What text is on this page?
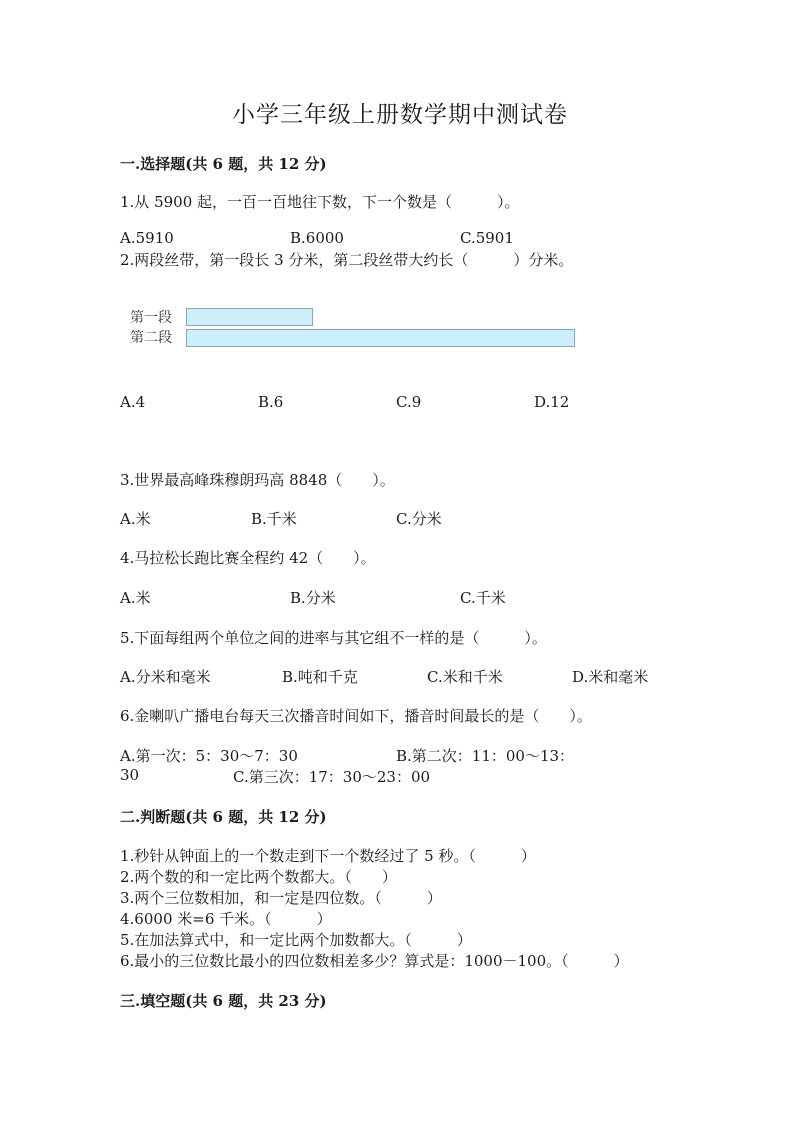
小学三年级上册数学期中测试卷
一.选择题(共 6 题，共 12 分)
1.从 5900 起，一百一百地往下数，下一个数是（　　　）。
A.5910	B.6000	C.5901
2.两段丝带，第一段长 3 分米，第二段丝带大约长（　　　）分米。
第一段
第二段
A.4	B.6	C.9	D.12
3.世界最高峰珠穆朗玛高 8848（　　）。
A.米	B.千米	C.分米
4.马拉松长跑比赛全程约 42（　　）。
A.米	B.分米	C.千米
5.下面每组两个单位之间的进率与其它组不一样的是（　　　）。
A.分米和毫米	B.吨和千克	C.米和千米	D.米和毫米
6.金喇叭广播电台每天三次播音时间如下，播音时间最长的是（　　）。
A.第一次：5：30～7：30	B.第二次：11：00～13：
30	C.第三次：17：30～23：00
二.判断题(共 6 题，共 12 分)
1.秒针从钟面上的一个数走到下一个数经过了 5 秒。（　　　）
2.两个数的和一定比两个数都大。（　　）
3.两个三位数相加，和一定是四位数。（　　　）
4.6000 米=6 千米。（　　　）
5.在加法算式中，和一定比两个加数都大。（　　　）
6.最小的三位数比最小的四位数相差多少？算式是：1000－100。（　　　）
三.填空题(共 6 题，共 23 分)
